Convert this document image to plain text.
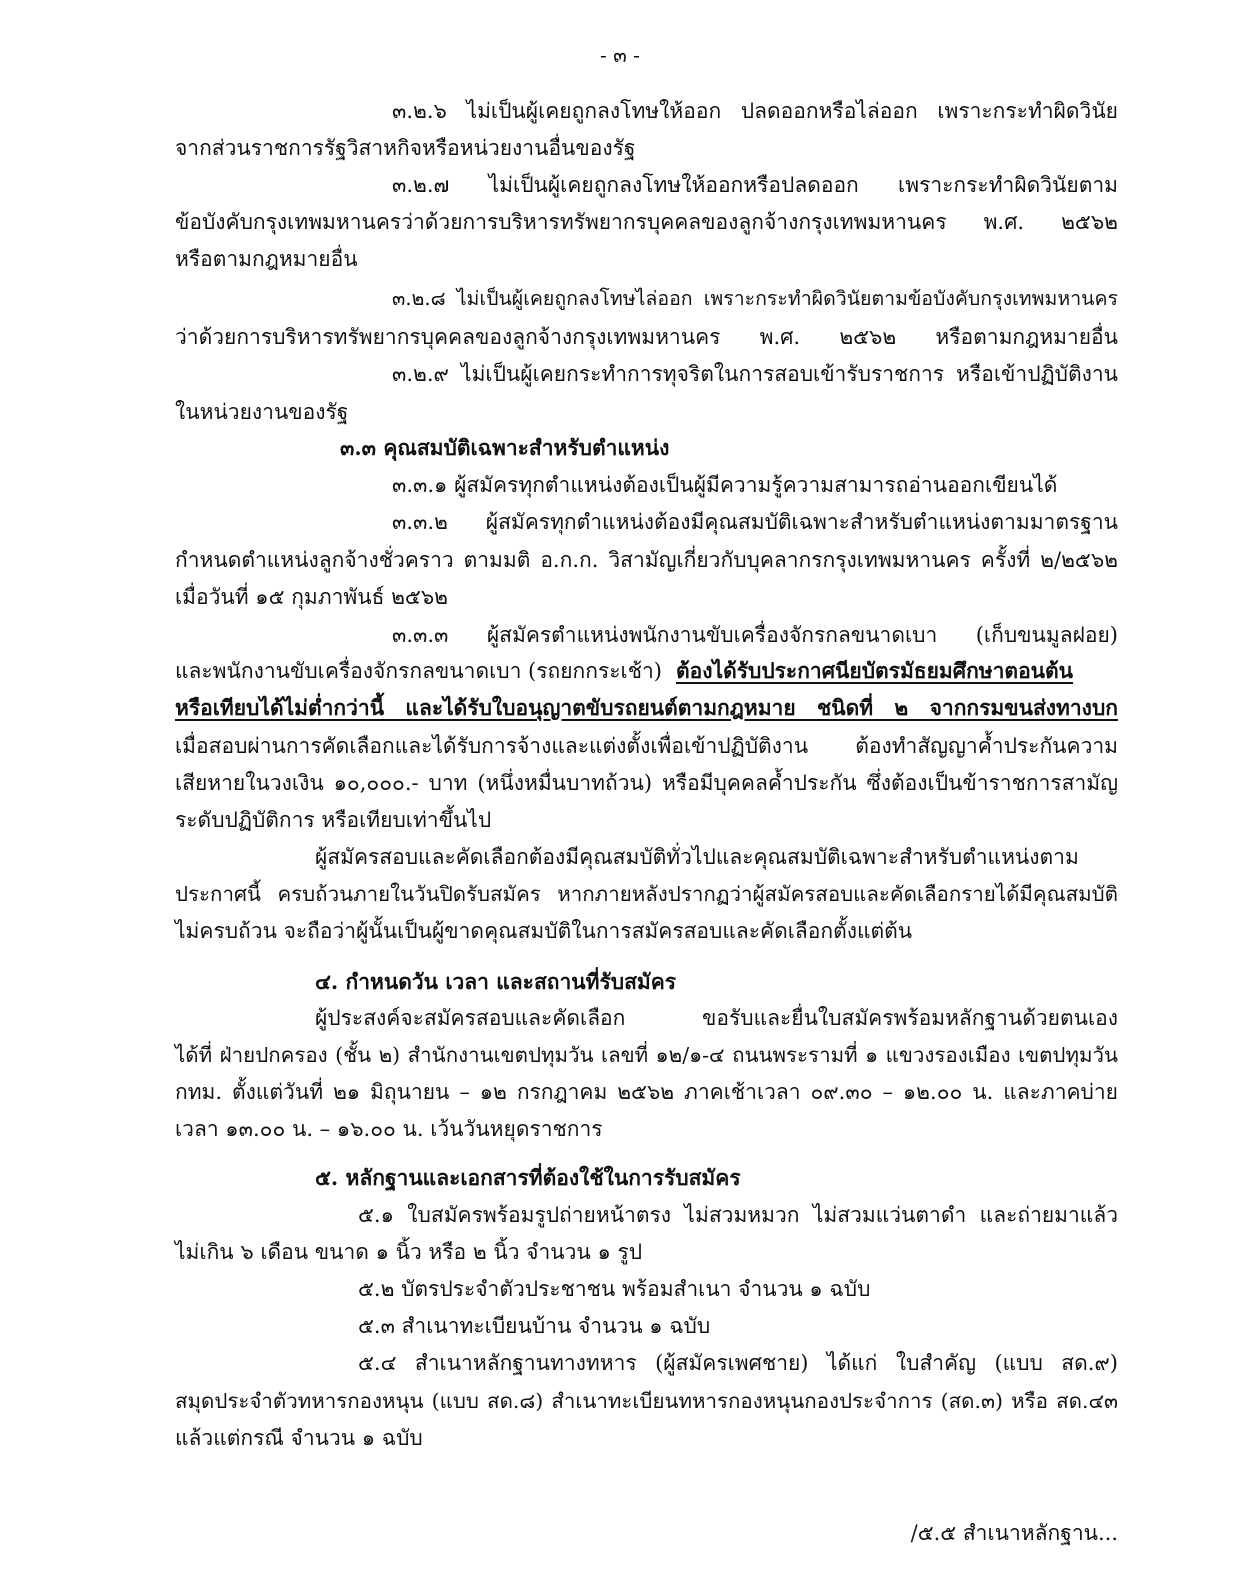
- ๓ -
๓.๒.๖ ไม่เป็นผู้เคยถูกลงโทษให้ออก ปลดออกหรือไล่ออก เพราะกระทำผิดวินัย
จากส่วนราชการรัฐวิสาหกิจหรือหน่วยงานอื่นของรัฐ
๓.๒.๗ ไม่เป็นผู้เคยถูกลงโทษให้ออกหรือปลดออก เพราะกระทำผิดวินัยตาม
ข้อบังคับกรุงเทพมหานครว่าด้วยการบริหารทรัพยากรบุคคลของลูกจ้างกรุงเทพมหานคร พ.ศ. ๒๕๖๒
หรือตามกฎหมายอื่น
๓.๒.๘ ไม่เป็นผู้เคยถูกลงโทษไล่ออก เพราะกระทำผิดวินัยตามข้อบังคับกรุงเทพมหานคร
ว่าด้วยการบริหารทรัพยากรบุคคลของลูกจ้างกรุงเทพมหานคร พ.ศ. ๒๕๖๒ หรือตามกฎหมายอื่น
๓.๒.๙ ไม่เป็นผู้เคยกระทำการทุจริตในการสอบเข้ารับราชการ หรือเข้าปฏิบัติงาน
ในหน่วยงานของรัฐ
๓.๓ คุณสมบัติเฉพาะสำหรับตำแหน่ง
๓.๓.๑ ผู้สมัครทุกตำแหน่งต้องเป็นผู้มีความรู้ความสามารถอ่านออกเขียนได้
๓.๓.๒ ผู้สมัครทุกตำแหน่งต้องมีคุณสมบัติเฉพาะสำหรับตำแหน่งตามมาตรฐาน
กำหนดตำแหน่งลูกจ้างชั่วคราว ตามมติ อ.ก.ก. วิสามัญเกี่ยวกับบุคลากรกรุงเทพมหานคร ครั้งที่ ๒/๒๕๖๒
เมื่อวันที่ ๑๕ กุมภาพันธ์ ๒๕๖๒
๓.๓.๓ ผู้สมัครตำแหน่งพนักงานขับเครื่องจักรกลขนาดเบา (เก็บขนมูลฝอย)
และพนักงานขับเครื่องจักรกลขนาดเบา (รถยกกระเช้า) ต้องได้รับประกาศนียบัตรมัธยมศึกษาตอนต้น
หรือเทียบได้ไม่ต่ำกว่านี้ และได้รับใบอนุญาตขับรถยนต์ตามกฎหมาย ชนิดที่ ๒ จากกรมขนส่งทางบก
เมื่อสอบผ่านการคัดเลือกและได้รับการจ้างและแต่งตั้งเพื่อเข้าปฏิบัติงาน ต้องทำสัญญาค้ำประกันความ
เสียหายในวงเงิน ๑๐,๐๐๐.- บาท (หนึ่งหมื่นบาทถ้วน) หรือมีบุคคลค้ำประกัน ซึ่งต้องเป็นข้าราชการสามัญ
ระดับปฏิบัติการ หรือเทียบเท่าขึ้นไป
ผู้สมัครสอบและคัดเลือกต้องมีคุณสมบัติทั่วไปและคุณสมบัติเฉพาะสำหรับตำแหน่งตาม
ประกาศนี้ ครบถ้วนภายในวันปิดรับสมัคร หากภายหลังปรากฏว่าผู้สมัครสอบและคัดเลือกรายได้มีคุณสมบัติ
ไม่ครบถ้วน จะถือว่าผู้นั้นเป็นผู้ขาดคุณสมบัติในการสมัครสอบและคัดเลือกตั้งแต่ต้น
๔. กำหนดวัน เวลา และสถานที่รับสมัคร
ผู้ประสงค์จะสมัครสอบและคัดเลือก ขอรับและยื่นใบสมัครพร้อมหลักฐานด้วยตนเอง
ได้ที่ ฝ่ายปกครอง (ชั้น ๒) สำนักงานเขตปทุมวัน เลขที่ ๑๒/๑-๔ ถนนพระรามที่ ๑ แขวงรองเมือง เขตปทุมวัน
กทม. ตั้งแต่วันที่ ๒๑ มิถุนายน – ๑๒ กรกฎาคม ๒๕๖๒ ภาคเช้าเวลา ๐๙.๓๐ – ๑๒.๐๐ น. และภาคบ่าย
เวลา ๑๓.๐๐ น. – ๑๖.๐๐ น. เว้นวันหยุดราชการ
๕. หลักฐานและเอกสารที่ต้องใช้ในการรับสมัคร
๕.๑ ใบสมัครพร้อมรูปถ่ายหน้าตรง ไม่สวมหมวก ไม่สวมแว่นตาดำ และถ่ายมาแล้ว
ไม่เกิน ๖ เดือน ขนาด ๑ นิ้ว หรือ ๒ นิ้ว จำนวน ๑ รูป
๕.๒ บัตรประจำตัวประชาชน พร้อมสำเนา จำนวน ๑ ฉบับ
๕.๓ สำเนาทะเบียนบ้าน จำนวน ๑ ฉบับ
๕.๔ สำเนาหลักฐานทางทหาร (ผู้สมัครเพศชาย) ได้แก่ ใบสำคัญ (แบบ สด.๙)
สมุดประจำตัวทหารกองหนุน (แบบ สด.๘) สำเนาทะเบียนทหารกองหนุนกองประจำการ (สด.๓) หรือ สด.๔๓
แล้วแต่กรณี จำนวน ๑ ฉบับ
/๕.๕ สำเนาหลักฐาน...
